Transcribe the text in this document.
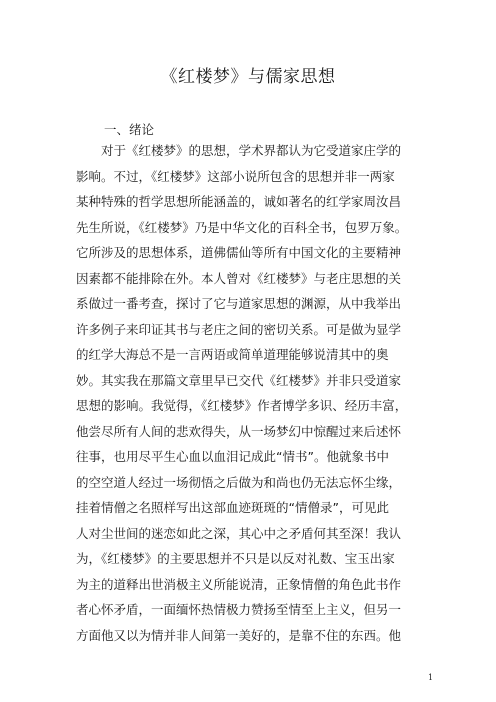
《红楼梦》与儒家思想
一、绪论
对于《红楼梦》的思想，学术界都认为它受道家庄学的
影响。不过，《红楼梦》这部小说所包含的思想并非一两家
某种特殊的哲学思想所能涵盖的，诚如著名的红学家周汝昌
先生所说，《红楼梦》乃是中华文化的百科全书，包罗万象。
它所涉及的思想体系，道佛儒仙等所有中国文化的主要精神
因素都不能排除在外。本人曾对《红楼梦》与老庄思想的关
系做过一番考查，探讨了它与道家思想的渊源，从中我举出
许多例子来印证其书与老庄之间的密切关系。可是做为显学
的红学大海总不是一言两语或简单道理能够说清其中的奥
妙。其实我在那篇文章里早已交代《红楼梦》并非只受道家
思想的影响。我觉得，《红楼梦》作者博学多识、经历丰富，
他尝尽所有人间的悲欢得失，从一场梦幻中惊醒过来后述怀
往事，也用尽平生心血以血泪记成此“情书”。他就象书中
的空空道人经过一场彻悟之后做为和尚也仍无法忘怀尘缘，
挂着情僧之名照样写出这部血迹斑斑的“情僧录”，可见此
人对尘世间的迷恋如此之深，其心中之矛盾何其至深！我认
为，《红楼梦》的主要思想并不只是以反对礼数、宝玉出家
为主的道释出世消极主义所能说清，正象情僧的角色此书作
者心怀矛盾，一面缅怀热情极力赞扬至情至上主义，但另一
方面他又以为情并非人间第一美好的，是靠不住的东西。他
1
